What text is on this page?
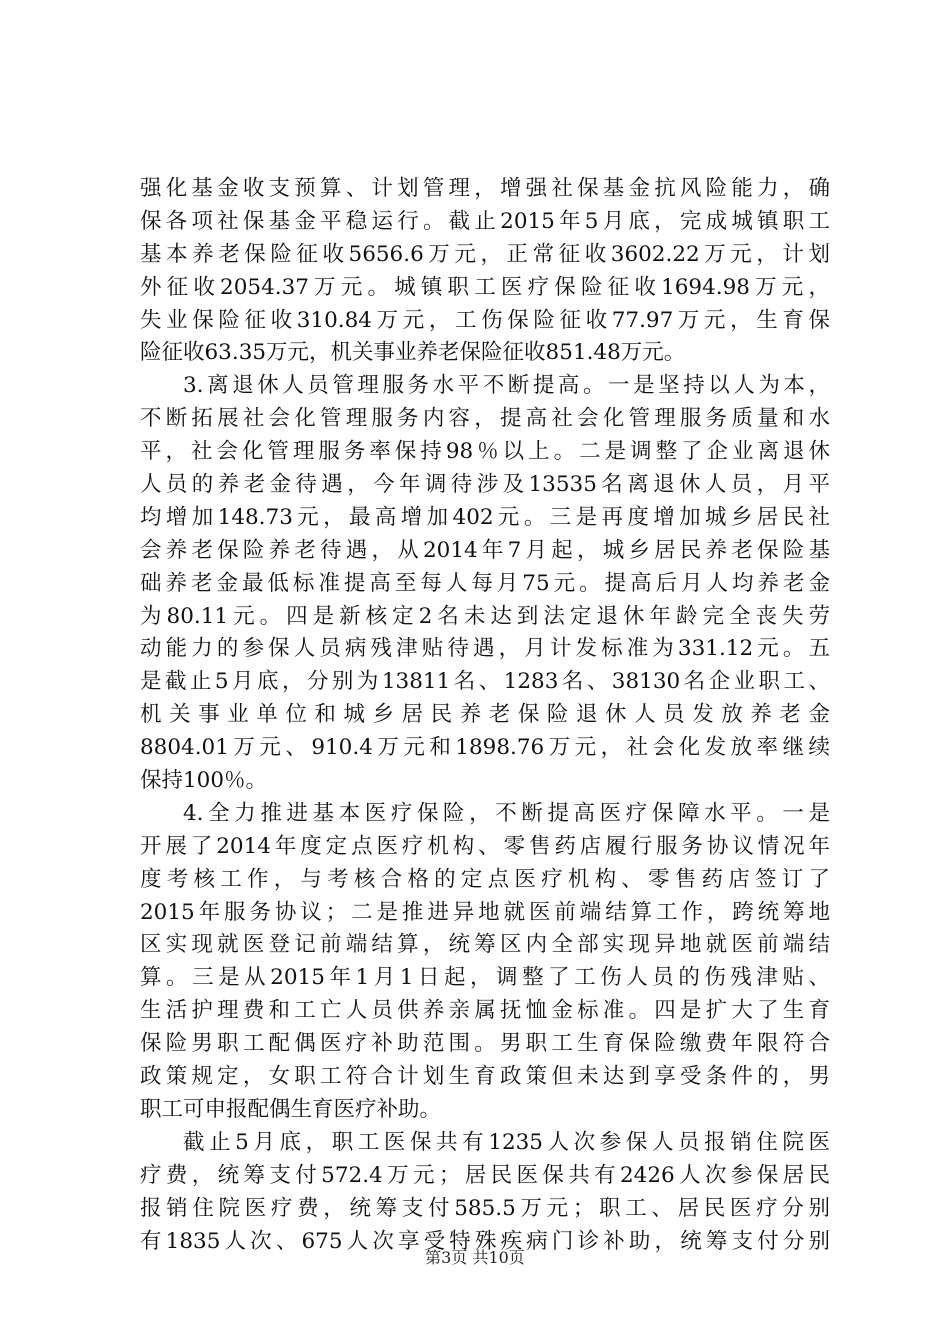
强化基金收支预算、计划管理，增强社保基金抗风险能力，确
保各项社保基金平稳运行。截止2015年5月底，完成城镇职工
基本养老保险征收5656.6万元，正常征收3602.22万元，计划
外征收2054.37万元。城镇职工医疗保险征收1694.98万元，
失业保险征收310.84万元，工伤保险征收77.97万元，生育保
险征收63.35万元，机关事业养老保险征收851.48万元。
3.离退休人员管理服务水平不断提高。一是坚持以人为本，
不断拓展社会化管理服务内容，提高社会化管理服务质量和水
平，社会化管理服务率保持98％以上。二是调整了企业离退休
人员的养老金待遇，今年调待涉及13535名离退休人员，月平
均增加148.73元，最高增加402元。三是再度增加城乡居民社
会养老保险养老待遇，从2014年7月起，城乡居民养老保险基
础养老金最低标准提高至每人每月75元。提高后月人均养老金
为80.11元。四是新核定2名未达到法定退休年龄完全丧失劳
动能力的参保人员病残津贴待遇，月计发标准为331.12元。五
是截止5月底，分别为13811名、1283名、38130名企业职工、
机关事业单位和城乡居民养老保险退休人员发放养老金
8804.01万元、910.4万元和1898.76万元，社会化发放率继续
保持100％。
4.全力推进基本医疗保险，不断提高医疗保障水平。一是
开展了2014年度定点医疗机构、零售药店履行服务协议情况年
度考核工作，与考核合格的定点医疗机构、零售药店签订了
2015年服务协议；二是推进异地就医前端结算工作，跨统筹地
区实现就医登记前端结算，统筹区内全部实现异地就医前端结
算。三是从2015年1月1日起，调整了工伤人员的伤残津贴、
生活护理费和工亡人员供养亲属抚恤金标准。四是扩大了生育
保险男职工配偶医疗补助范围。男职工生育保险缴费年限符合
政策规定，女职工符合计划生育政策但未达到享受条件的，男
职工可申报配偶生育医疗补助。
截止5月底，职工医保共有1235人次参保人员报销住院医
疗费，统筹支付572.4万元；居民医保共有2426人次参保居民
报销住院医疗费，统筹支付585.5万元；职工、居民医疗分别
有1835人次、675人次享受特殊疾病门诊补助，统筹支付分别
第3页 共10页
